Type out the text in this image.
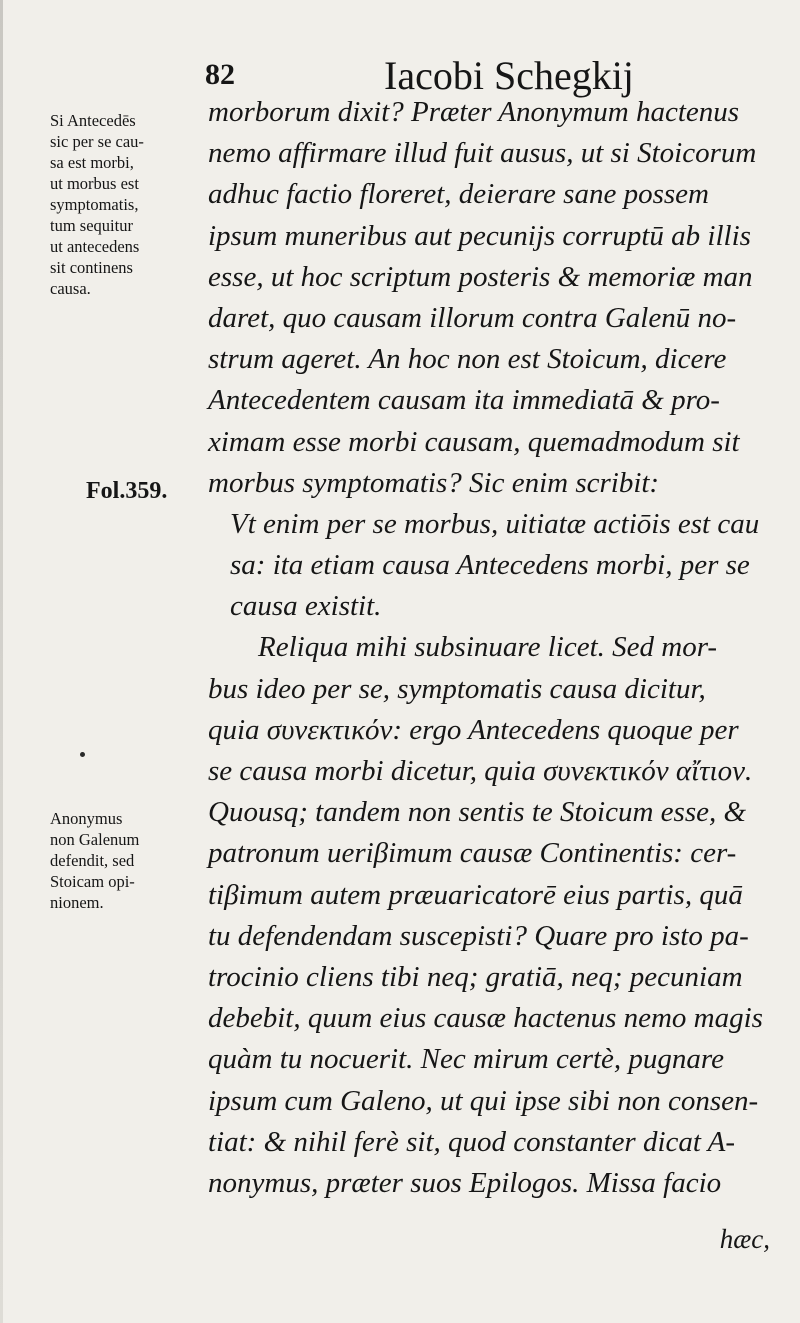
82	Iacobi Schegkij
Si Antecedēs
sic per se cau-
sa est morbi,
ut morbus est
symptomatis,
tum sequitur
ut antecedens
sit continens
causa.
Fol.359.
Anonymus
non Galenum
defendit, sed
Stoicam opi-
nionem.
morborum dixit? Præter Anonymum hactenus
nemo affirmare illud fuit ausus, ut si Stoicorum
adhuc factio floreret, deierare sane possem
ipsum muneribus aut pecunijs corruptū ab illis
esse, ut hoc scriptum posteris & memoriæ man
daret, quo causam illorum contra Galenū no-
strum ageret. An hoc non est Stoicum, dicere
Antecedentem causam ita immediatā & pro-
ximam esse morbi causam, quemadmodum sit
morbus symptomatis? Sic enim scribit:
Vt enim per se morbus, uitiatæ actiōis est cau
sa: ita etiam causa Antecedens morbi, per se
causa existit.
Reliqua mihi subsinuare licet. Sed mor-
bus ideo per se, symptomatis causa dicitur,
quia συνεκτικόν: ergo Antecedens quoque per
se causa morbi dicetur, quia συνεκτικόν αἴτιον.
Quousq; tandem non sentis te Stoicum esse, &
patronum ueriβimum causæ Continentis: cer-
tiβimum autem præuaricatorē eius partis, quā
tu defendendam suscepisti? Quare pro isto pa-
trocinio cliens tibi neq; gratiā, neq; pecuniam
debebit, quum eius causæ hactenus nemo magis
quàm tu nocuerit. Nec mirum certè, pugnare
ipsum cum Galeno, ut qui ipse sibi non consen-
tiat: & nihil ferè sit, quod constanter dicat A-
nonymus, præter suos Epilogos. Missa facio
hæc,
